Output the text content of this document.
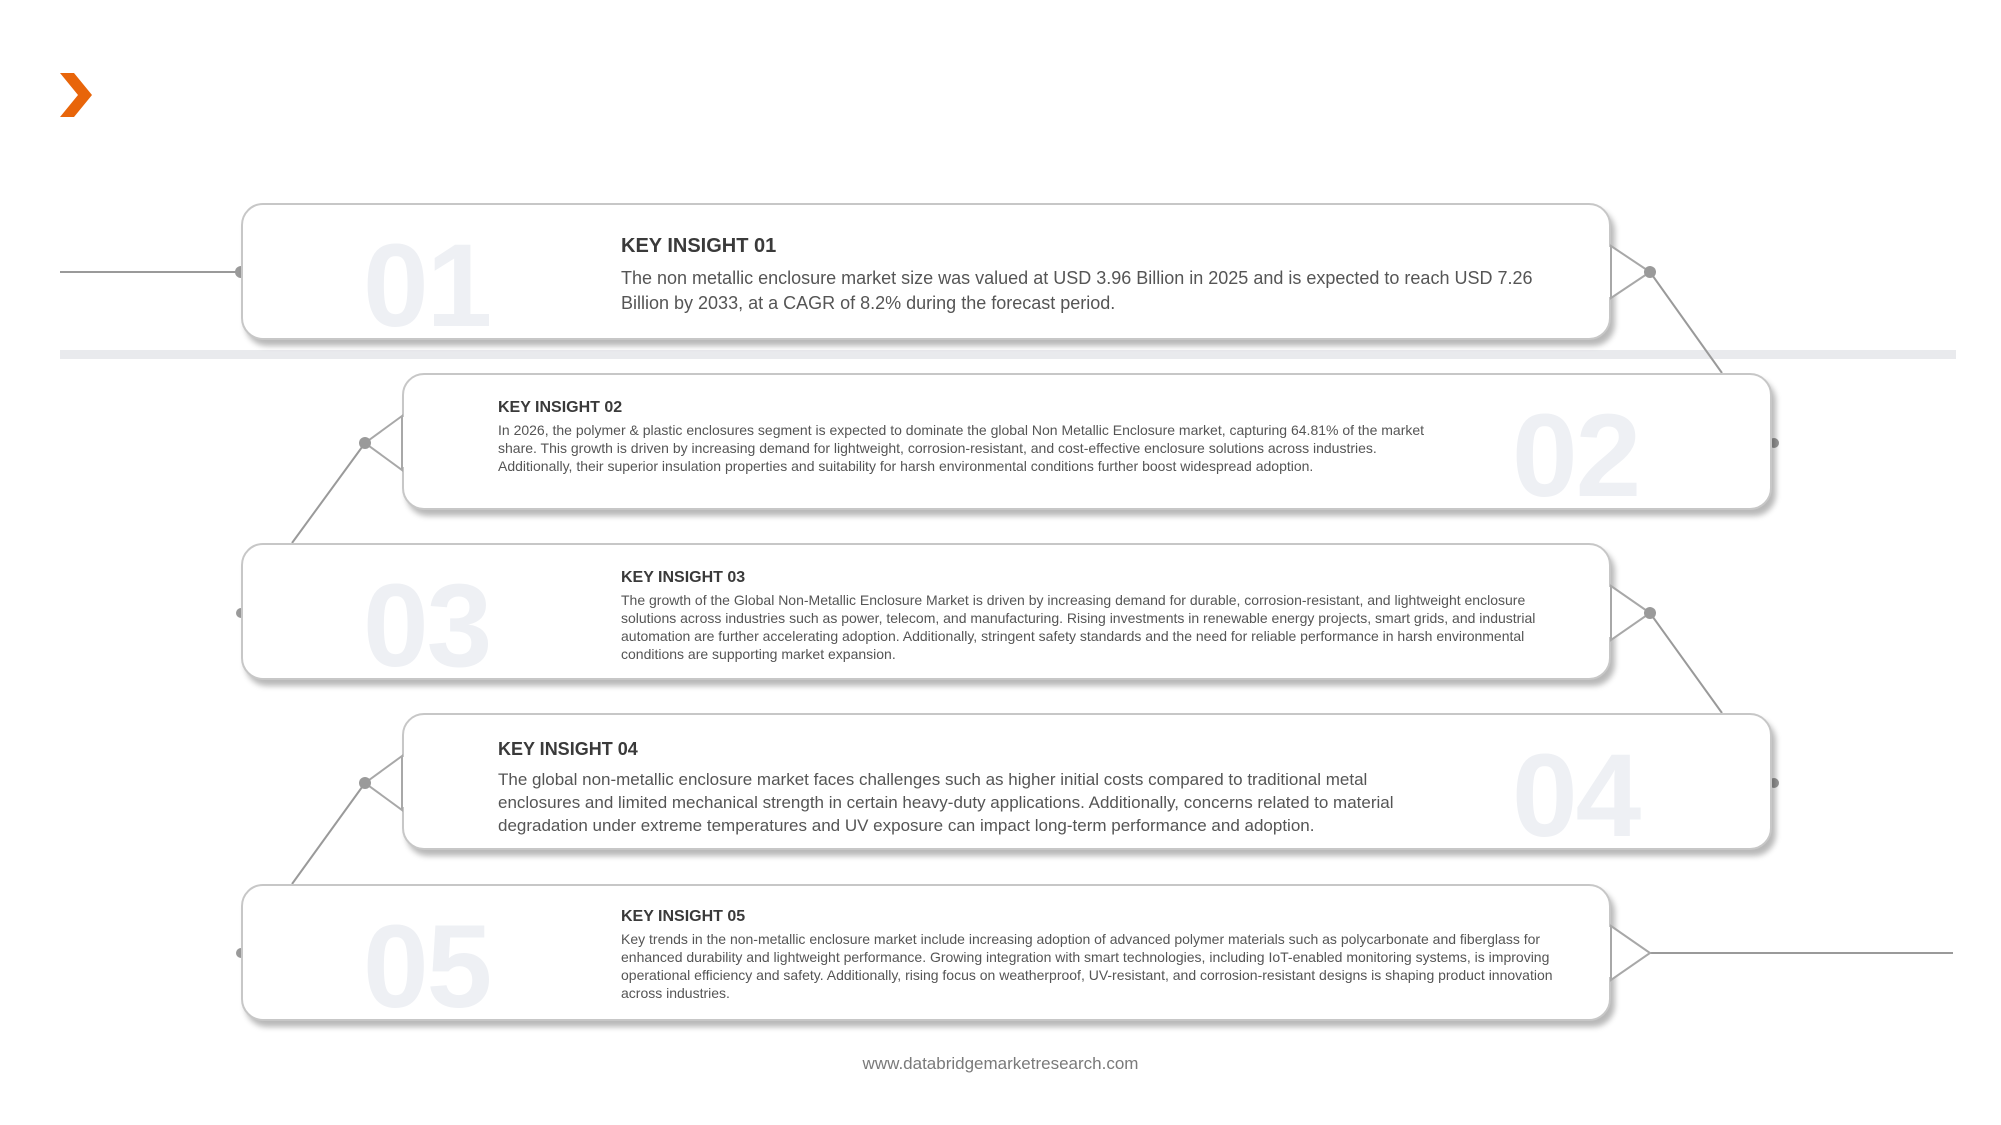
01	KEY INSIGHT 01

The non metallic enclosure market size was valued at USD 3.96 Billion in 2025 and is expected to reach USD 7.26 Billion by 2033, at a CAGR of 8.2% during the forecast period.

02

KEY INSIGHT 02

In 2026, the polymer & plastic enclosures segment is expected to dominate the global Non Metallic Enclosure market, capturing 64.81% of the market share. This growth is driven by increasing demand for lightweight, corrosion-resistant, and cost-effective enclosure solutions across industries. Additionally, their superior insulation properties and suitability for harsh environmental conditions further boost widespread adoption.

03	KEY INSIGHT 03

The growth of the Global Non-Metallic Enclosure Market is driven by increasing demand for durable, corrosion-resistant, and lightweight enclosure solutions across industries such as power, telecom, and manufacturing. Rising investments in renewable energy projects, smart grids, and industrial automation are further accelerating adoption. Additionally, stringent safety standards and the need for reliable performance in harsh environmental conditions are supporting market expansion.

04

KEY INSIGHT 04

The global non-metallic enclosure market faces challenges such as higher initial costs compared to traditional metal enclosures and limited mechanical strength in certain heavy-duty applications. Additionally, concerns related to material degradation under extreme temperatures and UV exposure can impact long-term performance and adoption.

05	KEY INSIGHT 05

Key trends in the non-metallic enclosure market include increasing adoption of advanced polymer materials such as polycarbonate and fiberglass for enhanced durability and lightweight performance. Growing integration with smart technologies, including IoT-enabled monitoring systems, is improving operational efficiency and safety. Additionally, rising focus on weatherproof, UV-resistant, and corrosion-resistant designs is shaping product innovation across industries.

www.databridgemarketresearch.com
